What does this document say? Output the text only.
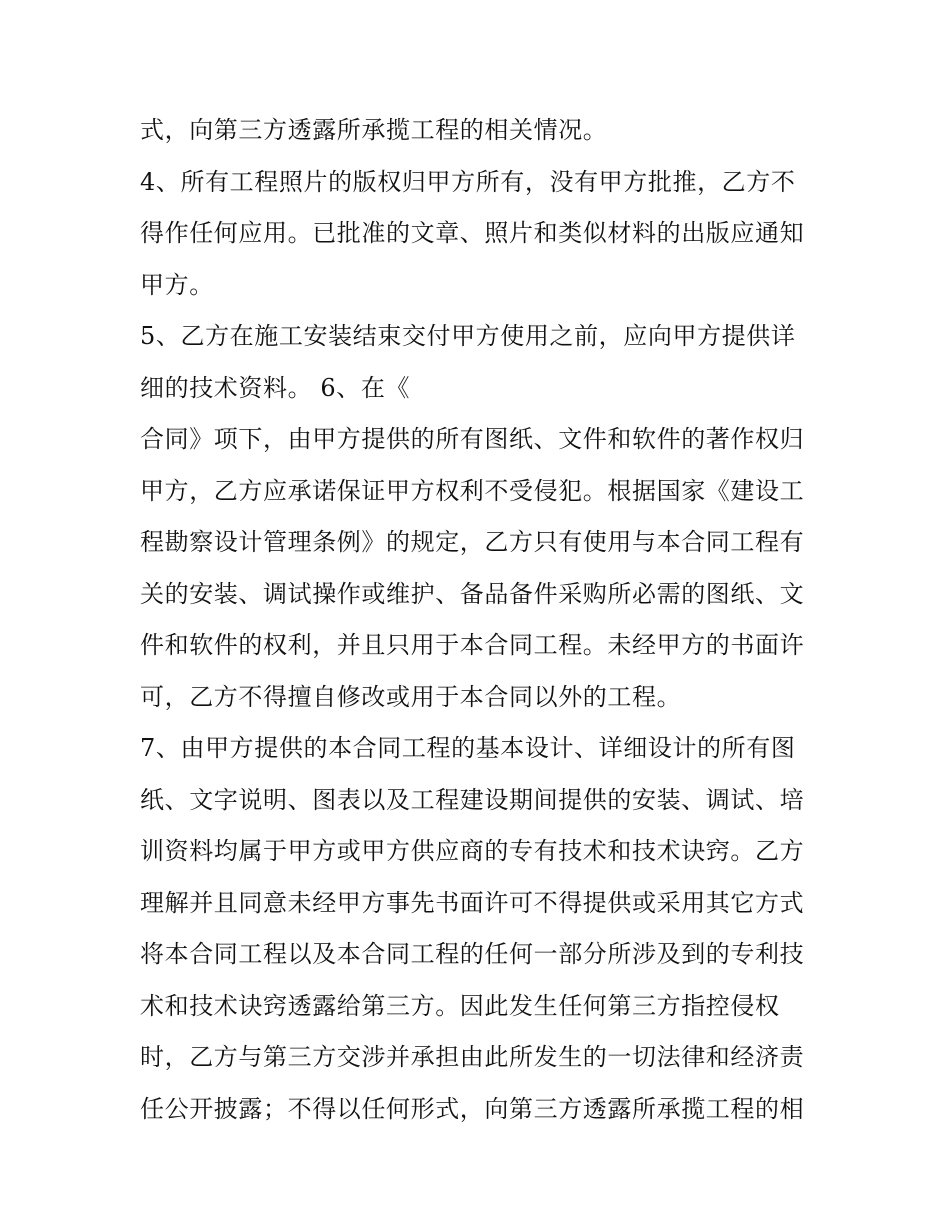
式，向第三方透露所承揽工程的相关情况。
4、所有工程照片的版权归甲方所有，没有甲方批推，乙方不
得作任何应用。已批准的文章、照片和类似材料的出版应通知
甲方。
5、乙方在施工安装结束交付甲方使用之前，应向甲方提供详
细的技术资料。 6、在《
合同》项下，由甲方提供的所有图纸、文件和软件的著作权归
甲方，乙方应承诺保证甲方权利不受侵犯。根据国家《建设工
程勘察设计管理条例》的规定，乙方只有使用与本合同工程有
关的安装、调试操作或维护、备品备件采购所必需的图纸、文
件和软件的权利，并且只用于本合同工程。未经甲方的书面许
可，乙方不得擅自修改或用于本合同以外的工程。
7、由甲方提供的本合同工程的基本设计、详细设计的所有图
纸、文字说明、图表以及工程建设期间提供的安装、调试、培
训资料均属于甲方或甲方供应商的专有技术和技术诀窍。乙方
理解并且同意未经甲方事先书面许可不得提供或采用其它方式
将本合同工程以及本合同工程的任何一部分所涉及到的专利技
术和技术诀窍透露给第三方。因此发生任何第三方指控侵权
时，乙方与第三方交涉并承担由此所发生的一切法律和经济责
任公开披露；不得以任何形式，向第三方透露所承揽工程的相
